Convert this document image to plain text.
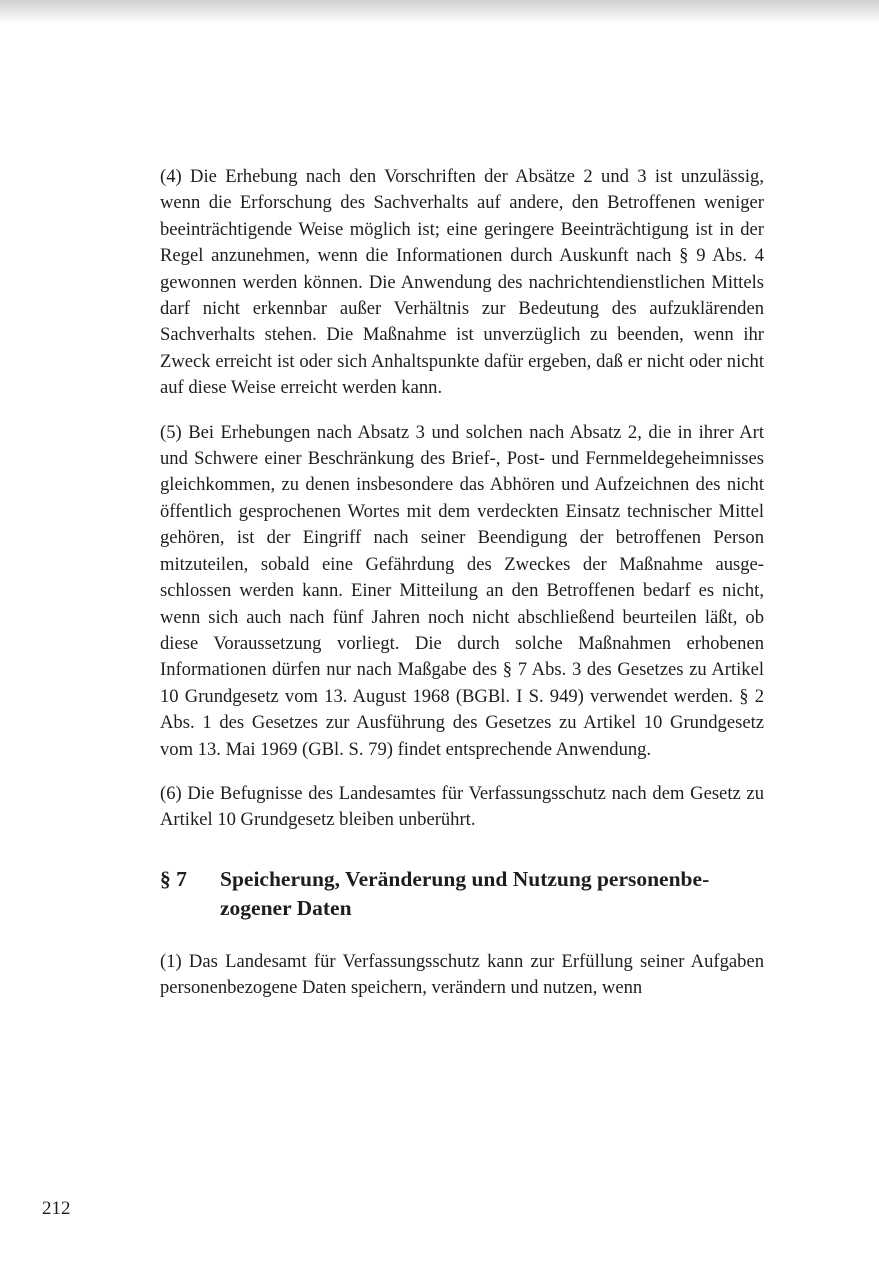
(4) Die Erhebung nach den Vorschriften der Absätze 2 und 3 ist unzulässig, wenn die Erforschung des Sachverhalts auf andere, den Betroffenen weniger beeinträchtigende Weise möglich ist; eine geringere Beeinträchtigung ist in der Regel anzunehmen, wenn die Informationen durch Auskunft nach § 9 Abs. 4 gewonnen werden können. Die Anwendung des nachrichtendienstlichen Mittels darf nicht erkennbar außer Verhältnis zur Bedeutung des aufzuklärenden Sachverhalts stehen. Die Maßnahme ist unverzüglich zu beenden, wenn ihr Zweck erreicht ist oder sich Anhaltspunkte dafür ergeben, daß er nicht oder nicht auf diese Weise erreicht werden kann.

(5) Bei Erhebungen nach Absatz 3 und solchen nach Absatz 2, die in ihrer Art und Schwere einer Beschränkung des Brief-, Post- und Fernmeldegeheimnisses gleichkommen, zu denen insbesondere das Abhören und Aufzeichnen des nicht öffentlich gesprochenen Wortes mit dem verdeckten Einsatz technischer Mittel gehören, ist der Eingriff nach seiner Beendigung der betroffenen Person mitzuteilen, sobald eine Gefährdung des Zweckes der Maßnahme ausgeschlossen werden kann. Einer Mitteilung an den Betroffenen bedarf es nicht, wenn sich auch nach fünf Jahren noch nicht abschließend beurteilen läßt, ob diese Voraussetzung vorliegt. Die durch solche Maßnahmen erhobenen Informationen dürfen nur nach Maßgabe des § 7 Abs. 3 des Gesetzes zu Artikel 10 Grundgesetz vom 13. August 1968 (BGBl. I S. 949) verwendet werden. § 2 Abs. 1 des Gesetzes zur Ausführung des Gesetzes zu Artikel 10 Grundgesetz vom 13. Mai 1969 (GBl. S. 79) findet entsprechende Anwendung.

(6) Die Befugnisse des Landesamtes für Verfassungsschutz nach dem Gesetz zu Artikel 10 Grundgesetz bleiben unberührt.

§ 7	Speicherung, Veränderung und Nutzung personenbezogener Daten

(1) Das Landesamt für Verfassungsschutz kann zur Erfüllung seiner Aufgaben personenbezogene Daten speichern, verändern und nutzen, wenn

212
